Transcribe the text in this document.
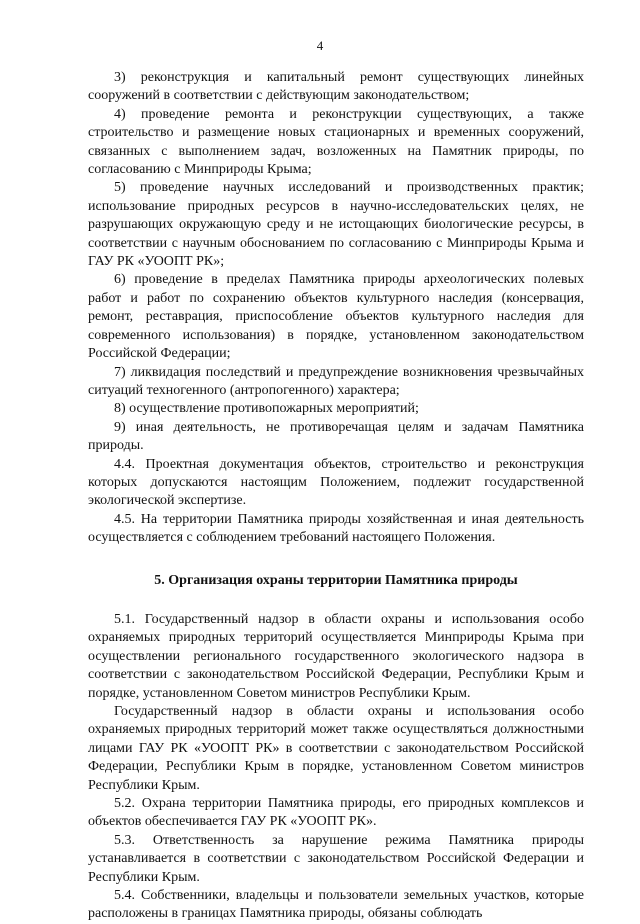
4

3) реконструкция и капитальный ремонт существующих линейных сооружений в соответствии с действующим законодательством;

4) проведение ремонта и реконструкции существующих, а также строительство и размещение новых стационарных и временных сооружений, связанных с выполнением задач, возложенных на Памятник природы, по согласованию с Минприроды Крыма;

5) проведение научных исследований и производственных практик; использование природных ресурсов в научно-исследовательских целях, не разрушающих окружающую среду и не истощающих биологические ресурсы, в соответствии с научным обоснованием по согласованию с Минприроды Крыма и ГАУ РК «УООПТ РК»;

6) проведение в пределах Памятника природы археологических полевых работ и работ по сохранению объектов культурного наследия (консервация, ремонт, реставрация, приспособление объектов культурного наследия для современного использования) в порядке, установленном законодательством Российской Федерации;

7) ликвидация последствий и предупреждение возникновения чрезвычайных ситуаций техногенного (антропогенного) характера;

8) осуществление противопожарных мероприятий;

9) иная деятельность, не противоречащая целям и задачам Памятника природы.

4.4. Проектная документация объектов, строительство и реконструкция которых допускаются настоящим Положением, подлежит государственной экологической экспертизе.

4.5. На территории Памятника природы хозяйственная и иная деятельность осуществляется с соблюдением требований настоящего Положения.

5. Организация охраны территории Памятника природы

5.1. Государственный надзор в области охраны и использования особо охраняемых природных территорий осуществляется Минприроды Крыма при осуществлении регионального государственного экологического надзора в соответствии с законодательством Российской Федерации, Республики Крым и порядке, установленном Советом министров Республики Крым.

Государственный надзор в области охраны и использования особо охраняемых природных территорий может также осуществляться должностными лицами ГАУ РК «УООПТ РК» в соответствии с законодательством Российской Федерации, Республики Крым в порядке, установленном Советом министров Республики Крым.

5.2. Охрана территории Памятника природы, его природных комплексов и объектов обеспечивается ГАУ РК «УООПТ РК».

5.3. Ответственность за нарушение режима Памятника природы устанавливается в соответствии с законодательством Российской Федерации и Республики Крым.

5.4. Собственники, владельцы и пользователи земельных участков, которые расположены в границах Памятника природы, обязаны соблюдать
